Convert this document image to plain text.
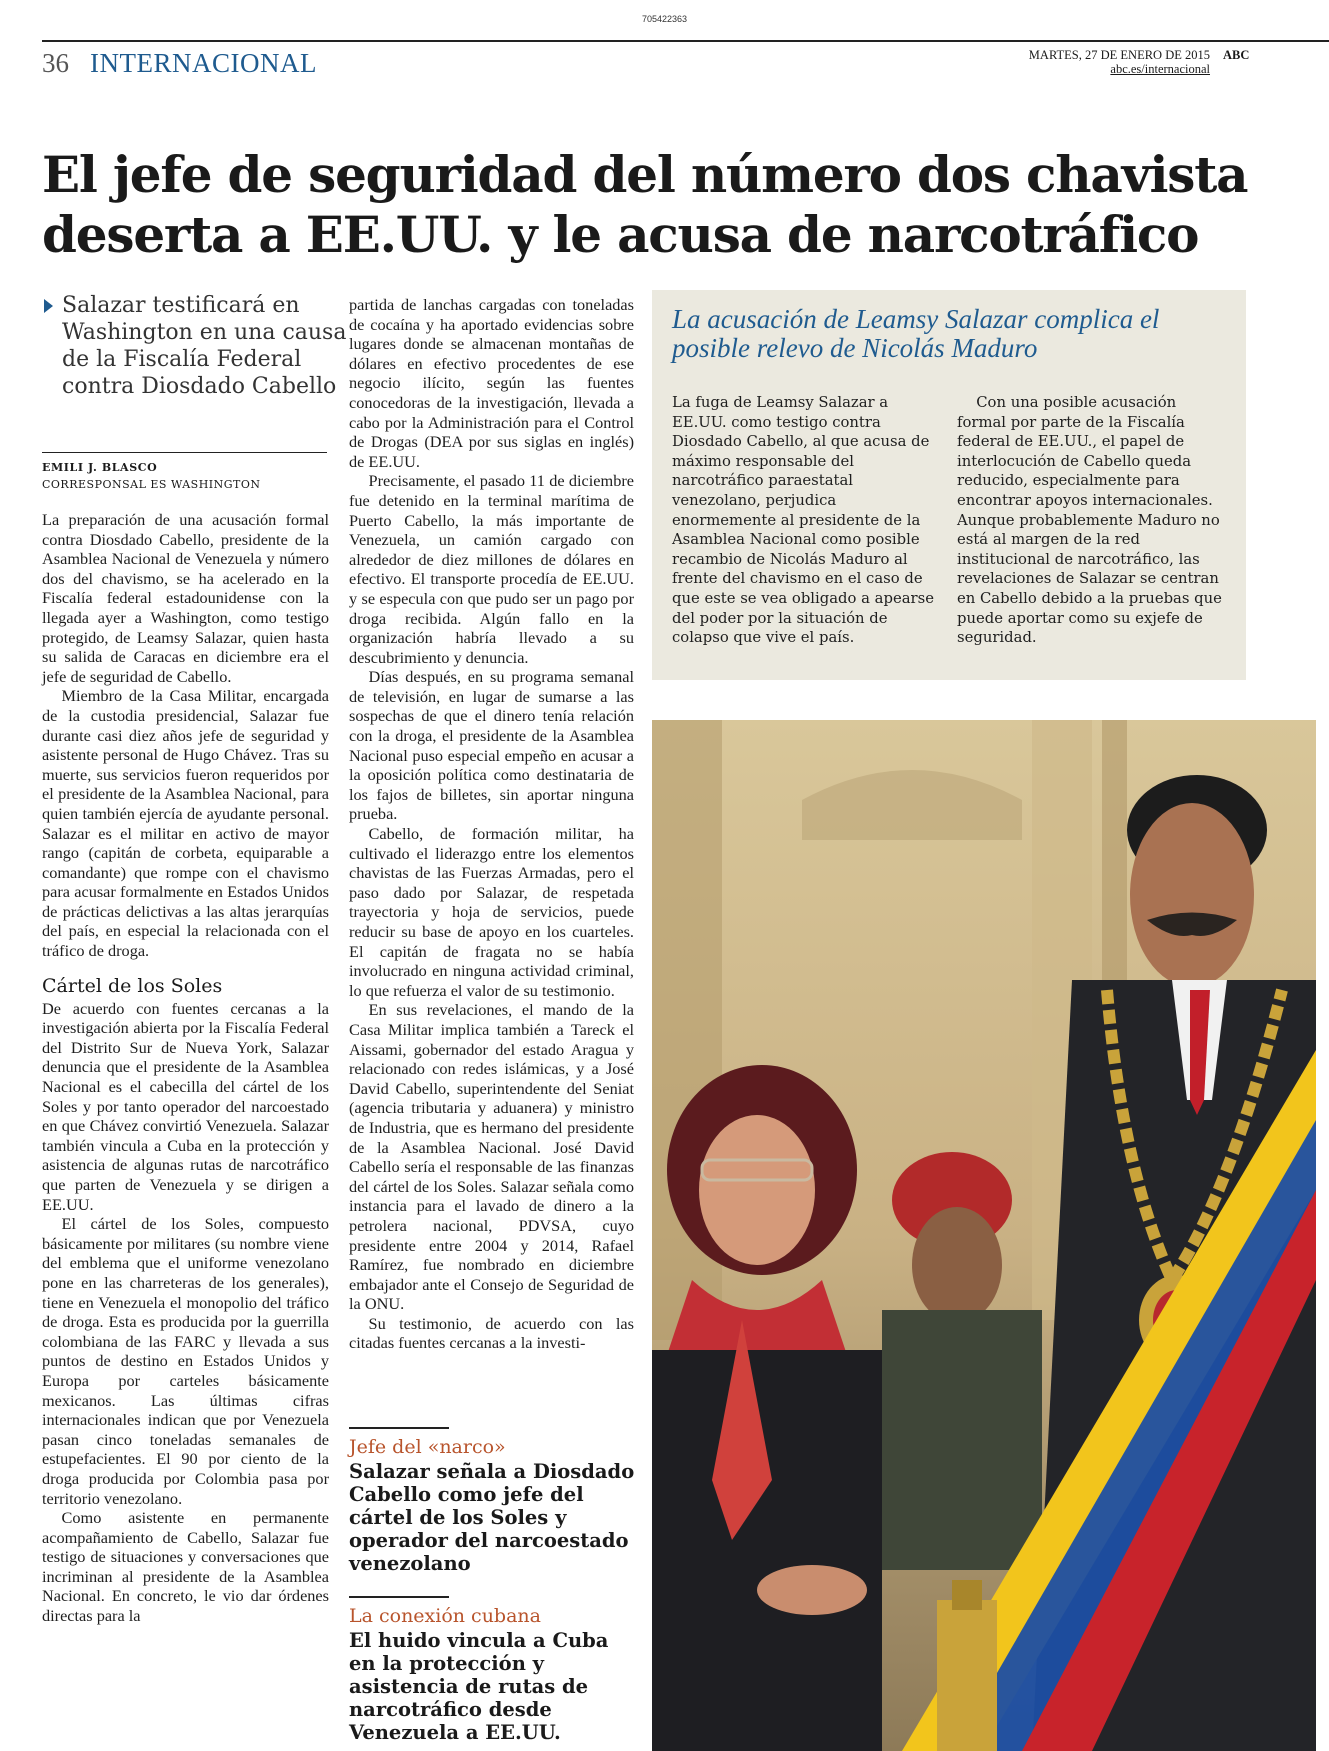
705422363
36 INTERNACIONAL	MARTES, 27 DE ENERO DE 2015
abc.es/internacional
ABC
El jefe de seguridad del número dos chavista
deserta a EE.UU. y le acusa de narcotráfico
Salazar testificará en Washington en una causa de la Fiscalía Federal contra Diosdado Cabello
EMILI J. BLASCO
CORRESPONSAL ES WASHINGTON

La preparación de una acusación formal contra Diosdado Cabello, presidente de la Asamblea Nacional de Venezuela y número dos del chavismo, se ha acelerado en la Fiscalía federal estadounidense con la llegada ayer a Washington, como testigo protegido, de Leamsy Salazar, quien hasta su salida de Caracas en diciembre era el jefe de seguridad de Cabello.

Miembro de la Casa Militar, encargada de la custodia presidencial, Salazar fue durante casi diez años jefe de seguridad y asistente personal de Hugo Chávez. Tras su muerte, sus servicios fueron requeridos por el presidente de la Asamblea Nacional, para quien también ejercía de ayudante personal. Salazar es el militar en activo de mayor rango (capitán de corbeta, equiparable a comandante) que rompe con el chavismo para acusar formalmente en Estados Unidos de prácticas delictivas a las altas jerarquías del país, en especial la relacionada con el tráfico de droga.

Cártel de los Soles

De acuerdo con fuentes cercanas a la investigación abierta por la Fiscalía Federal del Distrito Sur de Nueva York, Salazar denuncia que el presidente de la Asamblea Nacional es el cabecilla del cártel de los Soles y por tanto operador del narcoestado en que Chávez convirtió Venezuela. Salazar también vincula a Cuba en la protección y asistencia de algunas rutas de narcotráfico que parten de Venezuela y se dirigen a EE.UU.

El cártel de los Soles, compuesto básicamente por militares (su nombre viene del emblema que el uniforme venezolano pone en las charreteras de los generales), tiene en Venezuela el monopolio del tráfico de droga. Esta es producida por la guerrilla colombiana de las FARC y llevada a sus puntos de destino en Estados Unidos y Europa por carteles básicamente mexicanos. Las últimas cifras internacionales indican que por Venezuela pasan cinco toneladas semanales de estupefacientes. El 90 por ciento de la droga producida por Colombia pasa por territorio venezolano.

Como asistente en permanente acompañamiento de Cabello, Salazar fue testigo de situaciones y conversaciones que incriminan al presidente de la Asamblea Nacional. En concreto, le vio dar órdenes directas para la

partida de lanchas cargadas con toneladas de cocaína y ha aportado evidencias sobre lugares donde se almacenan montañas de dólares en efectivo procedentes de ese negocio ilícito, según las fuentes conocedoras de la investigación, llevada a cabo por la Administración para el Control de Drogas (DEA por sus siglas en inglés) de EE.UU.

Precisamente, el pasado 11 de diciembre fue detenido en la terminal marítima de Puerto Cabello, la más importante de Venezuela, un camión cargado con alrededor de diez millones de dólares en efectivo. El transporte procedía de EE.UU. y se especula con que pudo ser un pago por droga recibida. Algún fallo en la organización habría llevado a su descubrimiento y denuncia.

Días después, en su programa semanal de televisión, en lugar de sumarse a las sospechas de que el dinero tenía relación con la droga, el presidente de la Asamblea Nacional puso especial empeño en acusar a la oposición política como destinataria de los fajos de billetes, sin aportar ninguna prueba.

Cabello, de formación militar, ha cultivado el liderazgo entre los elementos chavistas de las Fuerzas Armadas, pero el paso dado por Salazar, de respetada trayectoria y hoja de servicios, puede reducir su base de apoyo en los cuarteles. El capitán de fragata no se había involucrado en ninguna actividad criminal, lo que refuerza el valor de su testimonio.

En sus revelaciones, el mando de la Casa Militar implica también a Tareck el Aissami, gobernador del estado Aragua y relacionado con redes islámicas, y a José David Cabello, superintendente del Seniat (agencia tributaria y aduanera) y ministro de Industria, que es hermano del presidente de la Asamblea Nacional. José David Cabello sería el responsable de las finanzas del cártel de los Soles. Salazar señala como instancia para el lavado de dinero a la petrolera nacional, PDVSA, cuyo presidente entre 2004 y 2014, Rafael Ramírez, fue nombrado en diciembre embajador ante el Consejo de Seguridad de la ONU.

Su testimonio, de acuerdo con las citadas fuentes cercanas a la investi-

Jefe del «narco»
Salazar señala a Diosdado Cabello como jefe del cártel de los Soles y operador del narcoestado venezolano
La conexión cubana
El huido vincula a Cuba en la protección y asistencia de rutas de narcotráfico desde Venezuela a EE.UU.
La acusación de Leamsy Salazar complica el posible relevo de Nicolás Maduro

La fuga de Leamsy Salazar a EE.UU. como testigo contra Diosdado Cabello, al que acusa de máximo responsable del narcotráfico paraestatal venezolano, perjudica enormemente al presidente de la Asamblea Nacional como posible recambio de Nicolás Maduro al frente del chavismo en el caso de que este se vea obligado a apearse del poder por la situación de colapso que vive el país.

Con una posible acusación formal por parte de la Fiscalía federal de EE.UU., el papel de interlocución de Cabello queda reducido, especialmente para encontrar apoyos internacionales. Aunque probablemente Maduro no está al margen de la red institucional de narcotráfico, las revelaciones de Salazar se centran en Cabello debido a la pruebas que puede aportar como su exjefe de seguridad.
